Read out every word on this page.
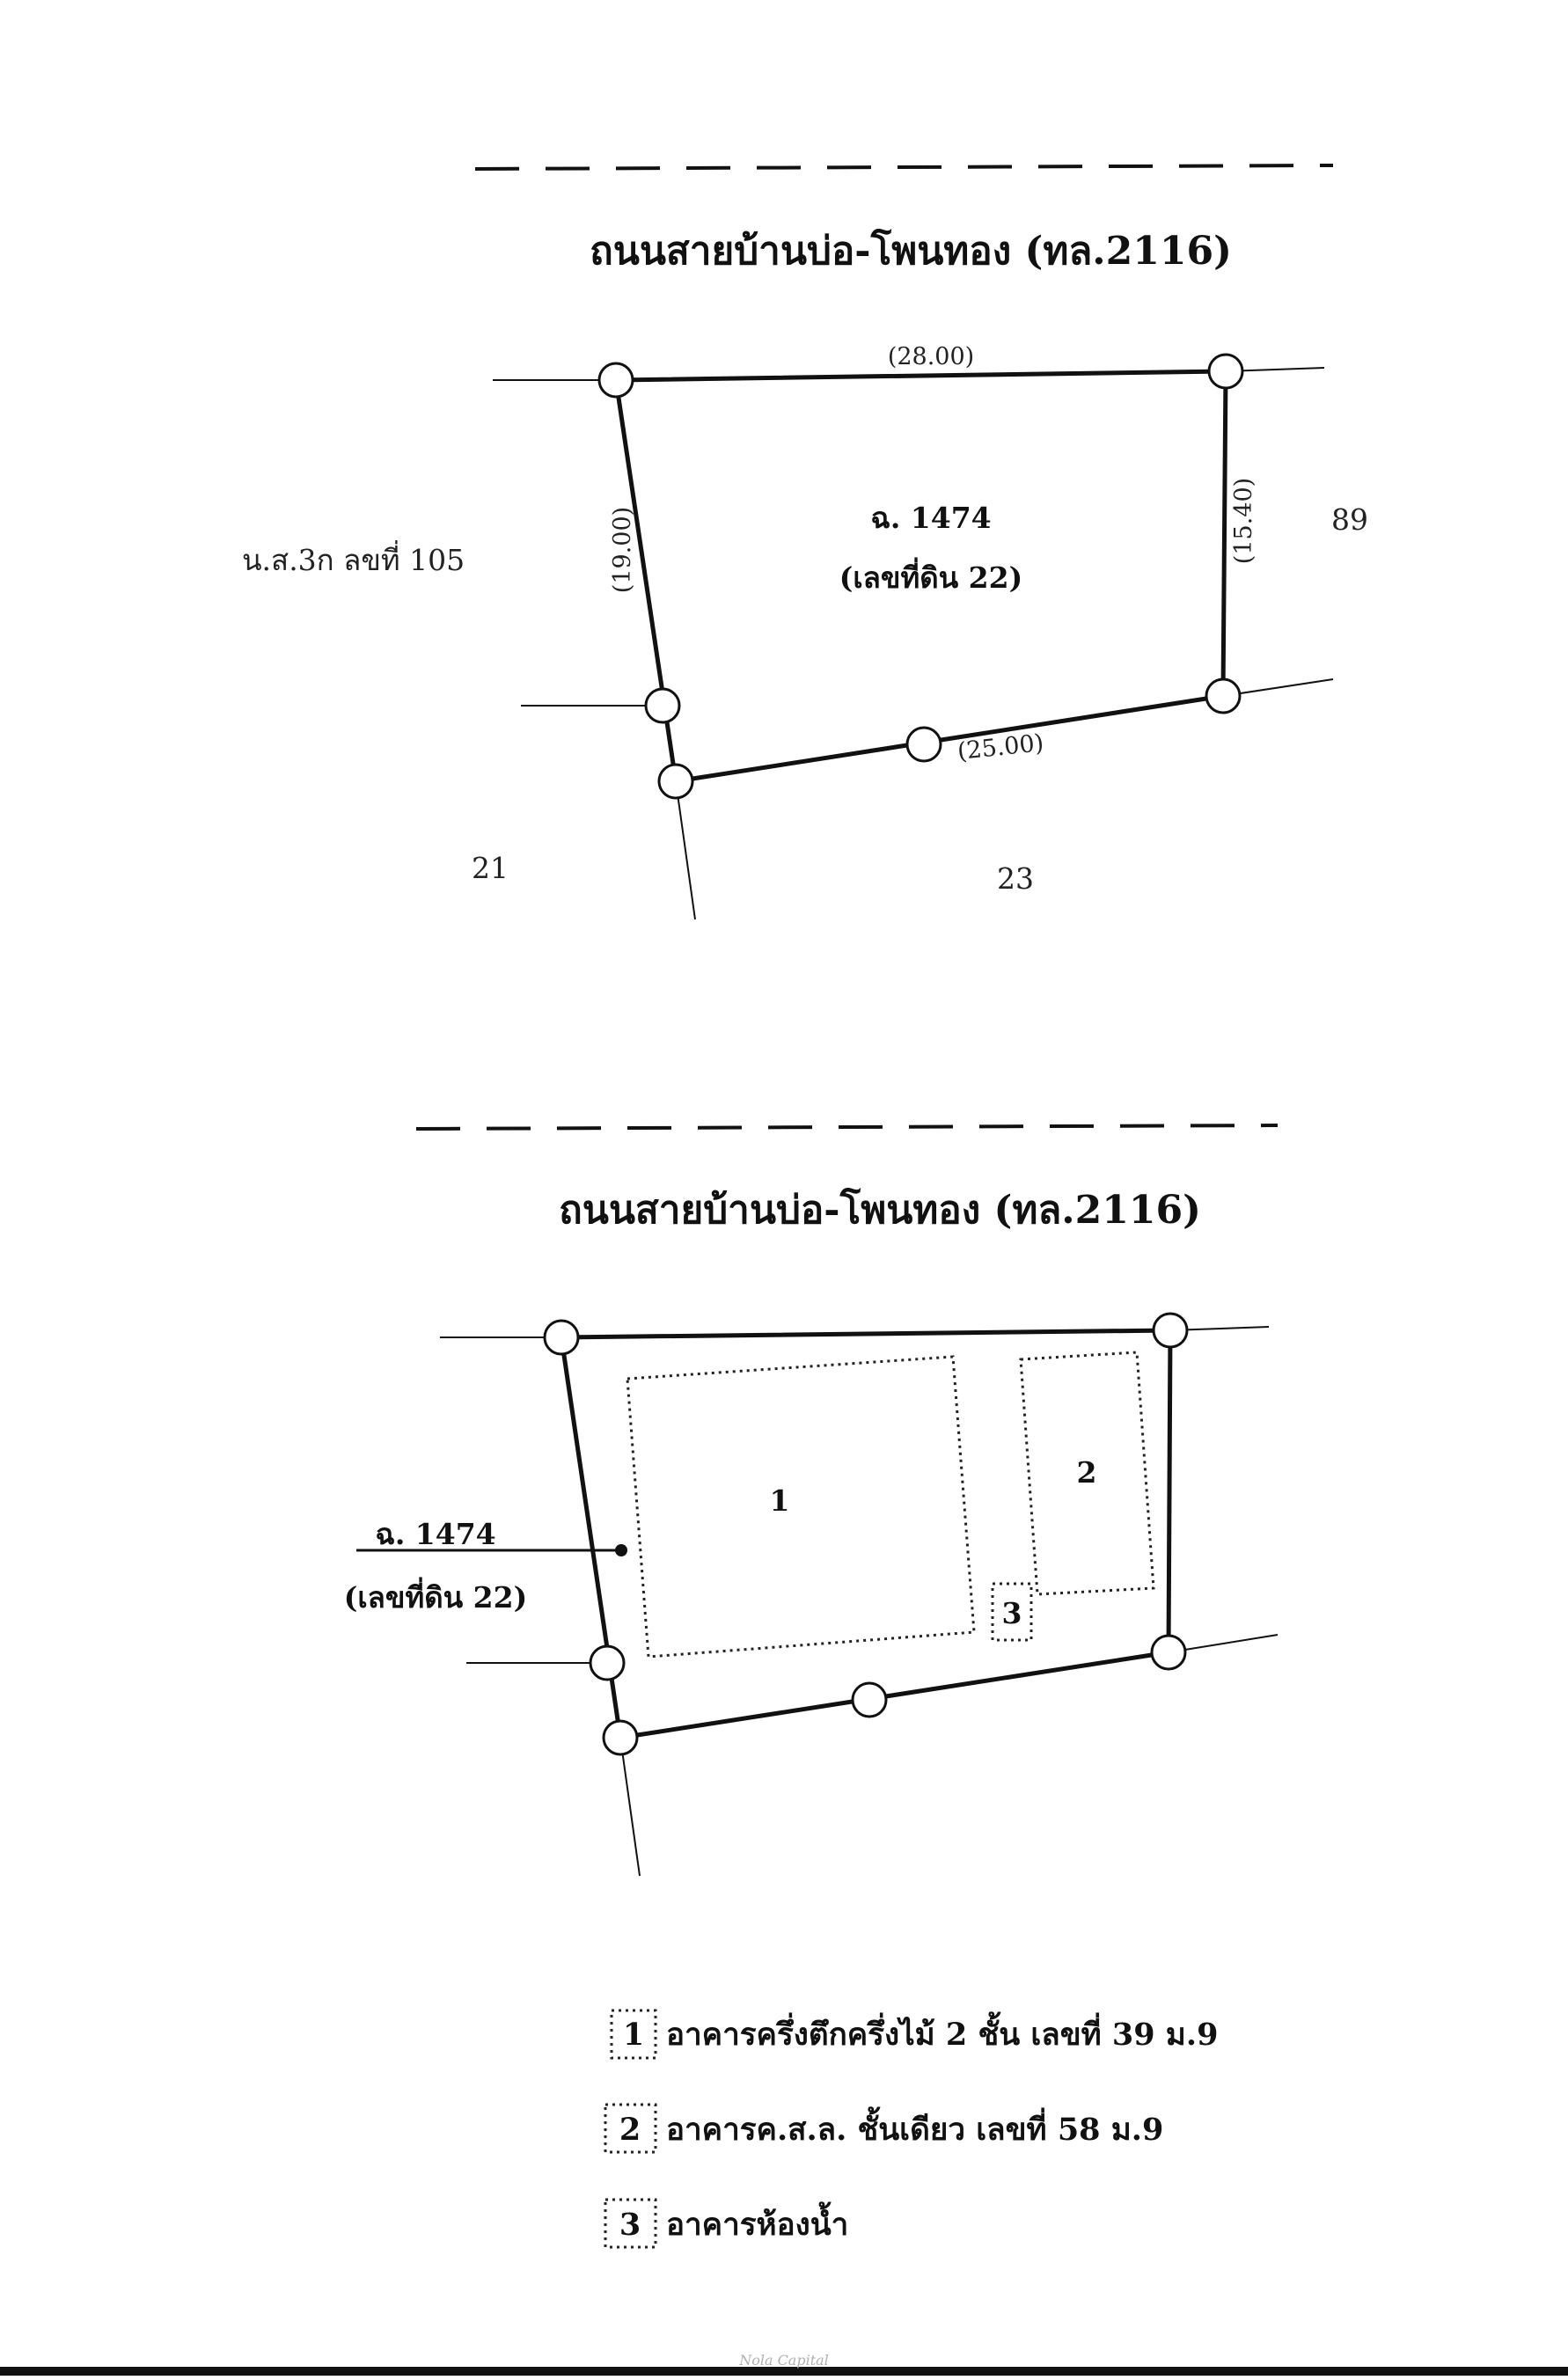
ถนนสายบ้านบ่อ-โพนทอง (ทล.2116)
(28.00)
(19.00)	(15.40)
(25.00)
ฉ. 1474
(เลขที่ดิน 22)
น.ส.3ก ลขที่ 105
89
21	23
ถนนสายบ้านบ่อ-โพนทอง (ทล.2116)
1
2
3
ฉ. 1474
(เลขที่ดิน 22)
1 อาคารครึ่งตึกครึ่งไม้ 2 ชั้น เลขที่ 39 ม.9
2 อาคารค.ส.ล. ชั้นเดียว เลขที่ 58 ม.9
3 อาคารห้องน้ำ
Nola Capital
